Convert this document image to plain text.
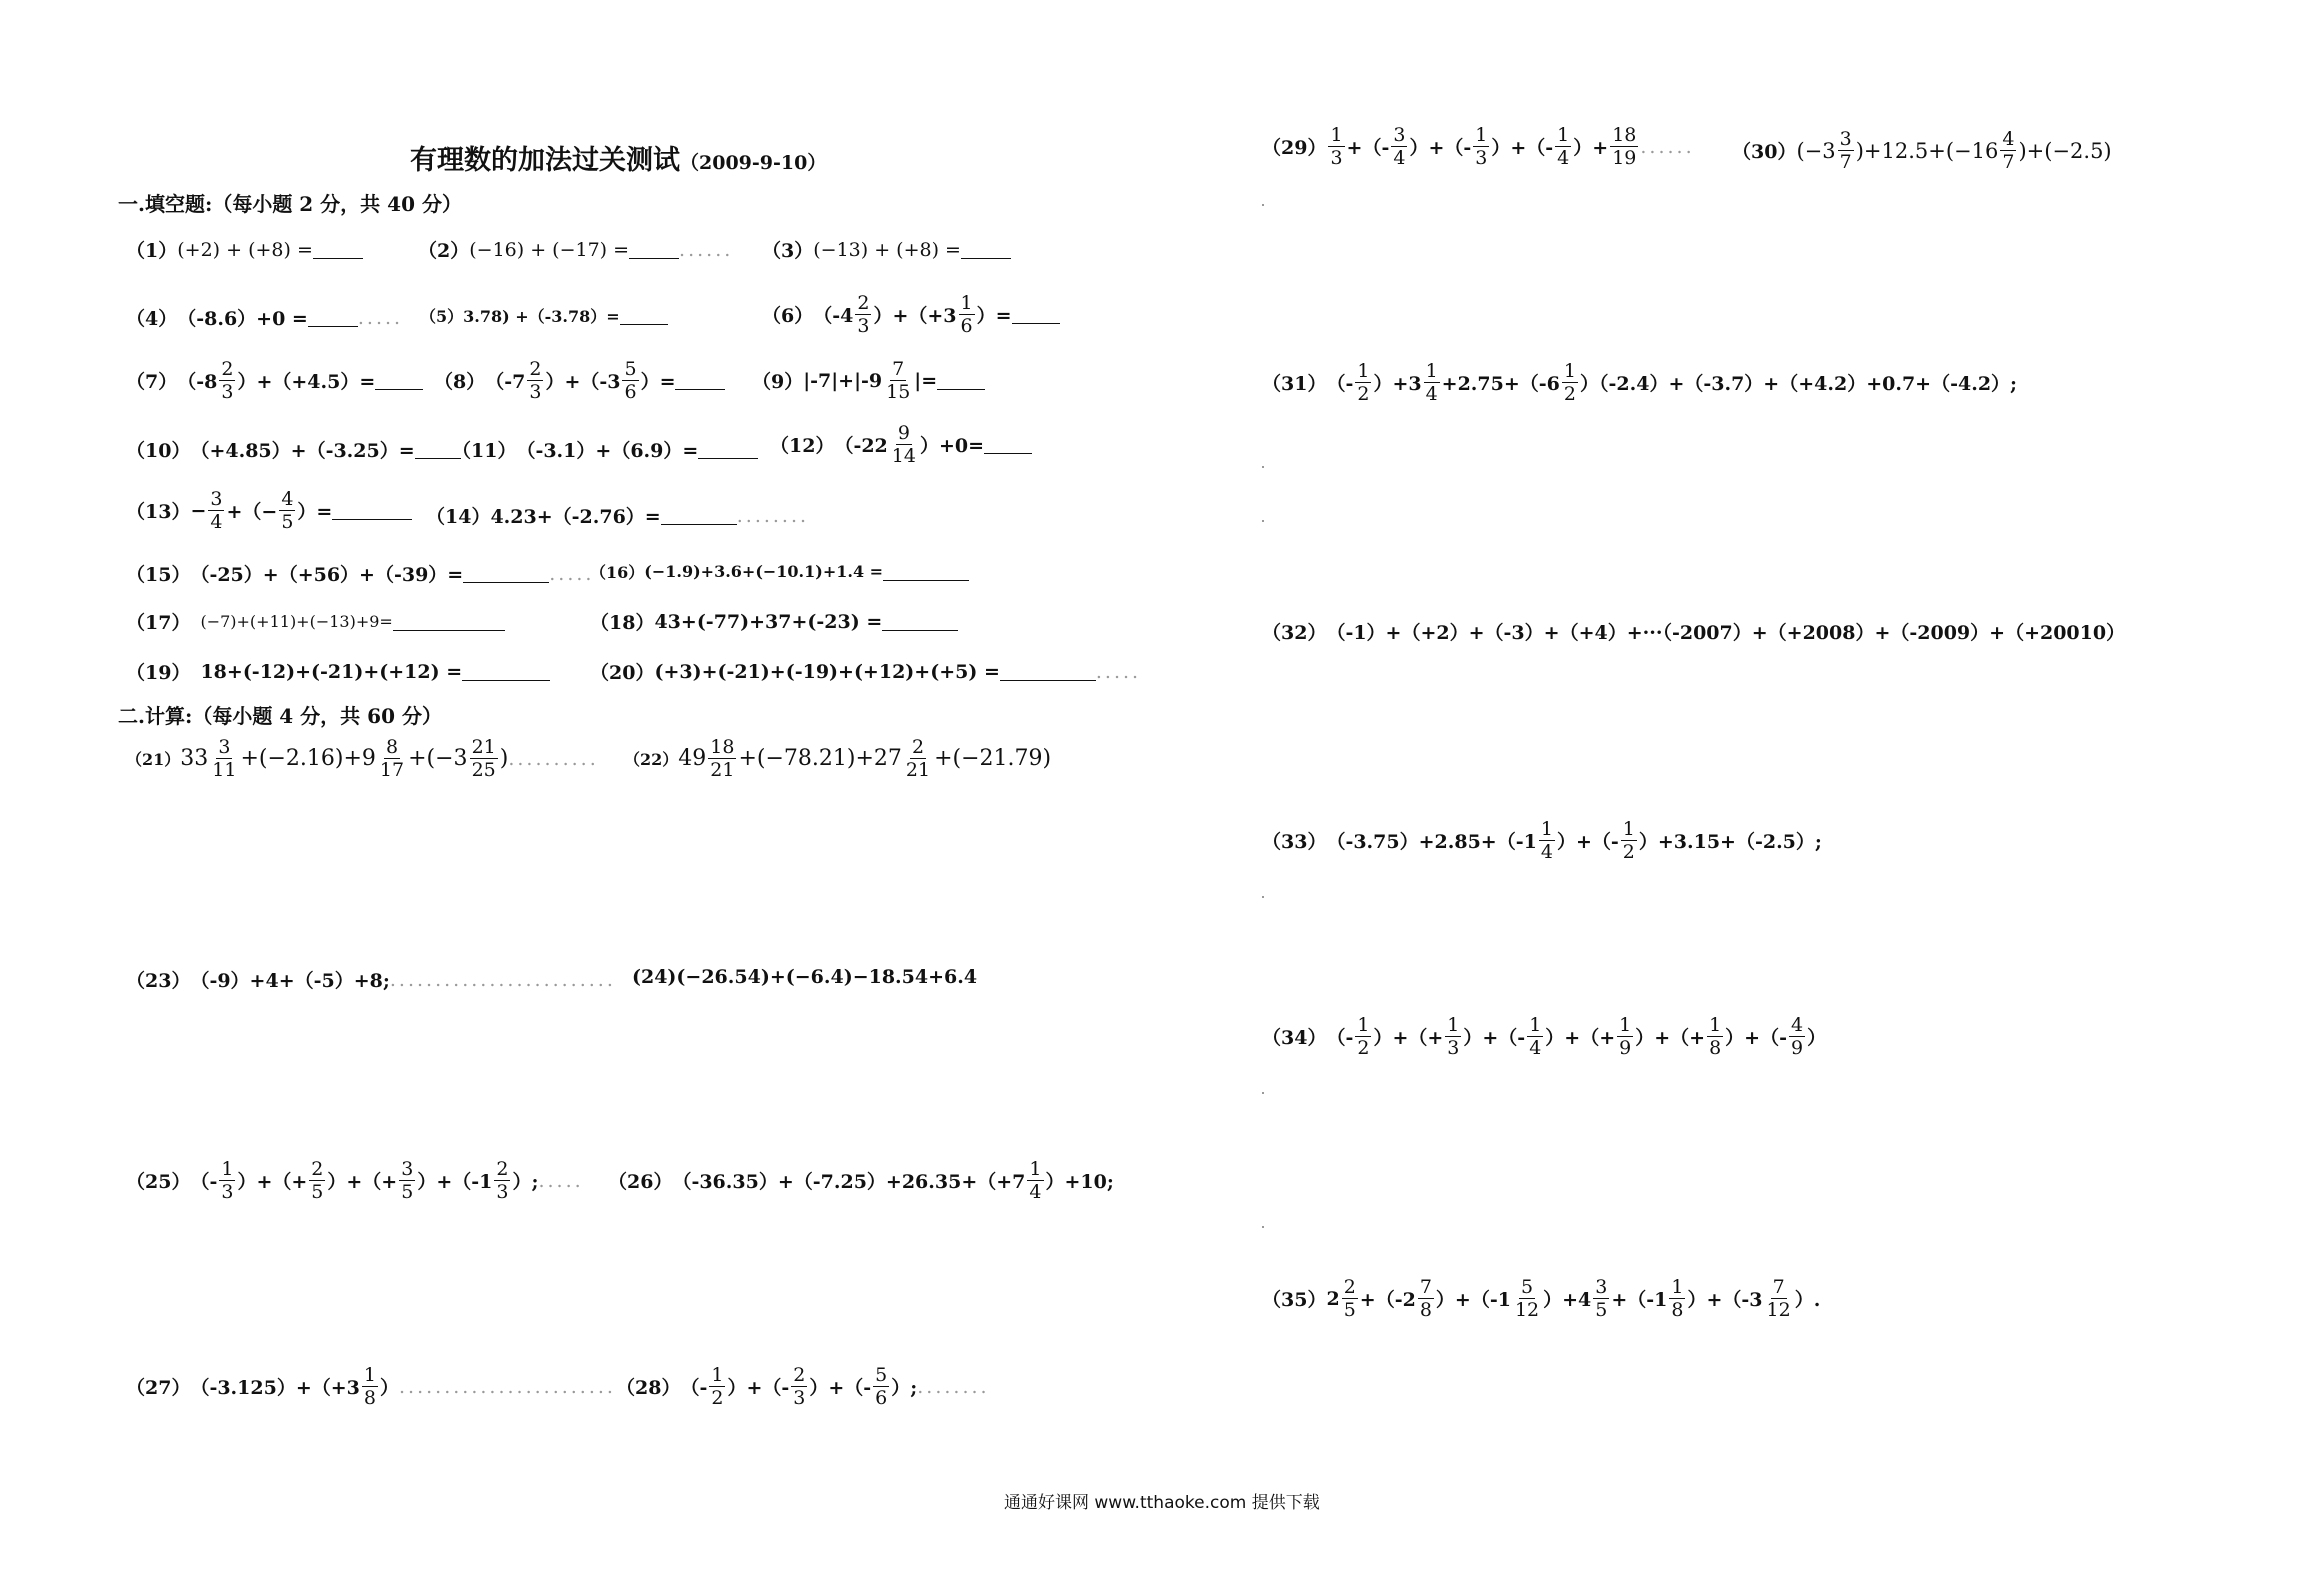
有理数的加法过关测试（2009-9-10）
一.填空题:（每小题 2 分，共 40 分）
（1） (+2) + (+8) =	（2） (−16) + (−17) =	...... （3） (−13) + (+8) =
（4） （-8.6）+0 =	..... （5） 3.78) +（-3.78）=	（6） $(-4 \frac{2}{3} )+(+3 \frac{1}{6}$ ）=
（7） $(-8 \frac{2}{3} )+(+4.5)=$	（8） $(-7 \frac{2}{3} )+(-3 \frac{5}{6}$ ）=	（9） $|-7|+|-9 \frac{7}{15}$ |=
（10） （+4.85）+（-3.25）= （11） （-3.1）+（6.9）=	（12） $(-22 \frac{9}{14} )+0=$
$(13) - \frac{3}{4}$ +（− $\frac{4}{5}$ ）=	（14） 4.23+（-2.76）=	........
（15） （-25）+（+56）+（-39）=	.....
（16） (−1.9)+3.6+(−10.1)+1.4 =
（17） (−7)+(+11)+(−13)+9=	（18） 43+(-77)+37+(-23) =
（19） 18+(-12)+(-21)+(+12) =	（20） (+3)+(-21)+(-19)+(+12)+(+5) =	.....
二.计算:（每小题 4 分，共 60 分）
（21） $33 \frac{3}{11} +(-2.16)+9 \frac{8}{17} +(-3 \frac{21}{25}$ ) .......... （22） $49 \frac{18}{21} +(-78.21)+27 \frac{2}{21} +(-21.79)$
（23） （-9）+4+（-5）+8; ......................... (24) (−26.54)+(−6.4)−18.54+6.4
（25） （- $\frac{1}{3}$ ）+（+ $\frac{2}{5}$ ）+（+ $\frac{3}{5} )+(-1 \frac{2}{3}$ ）; ..... （26） $(-36.35)+(-7.25)+26.35+(+7 \frac{1}{4} )+10$;
（27） $(-3.125)+(+3 \frac{1}{8}$ ） ........................ （28） （- $\frac{1}{2}$ ）+（- $\frac{2}{3}$ ）+（- $\frac{5}{6}$ ）; ........
$(29) \frac{1}{3}$ +（- $\frac{3}{4}$ ）+（- $\frac{1}{3}$ ）+（- $\frac{1}{4}$ ）+ $\frac{18}{19}$ ...... （30） $(-3 \frac{3}{7} )+12.5+(-16 \frac{4}{7} )+(-2.5)$
（31） （- $\frac{1}{2} )+3 \frac{1}{4} +2.75+(-6 \frac{1}{2} )(-2.4)+(-3.7)+(+4.2)+0.7+(-4.2)$;
（32） （-1）+（+2）+（-3）+（+4）+···（-2007）+（+2008）+（-2009）+（+20010）
（33） $(-3.75)+2.85+(-1 \frac{1}{4}$ ）+（- $\frac{1}{2} )+3.15+(-2.5)$;
（34） （- $\frac{1}{2}$ ）+（+ $\frac{1}{3}$ ）+（- $\frac{1}{4}$ ）+（+ $\frac{1}{9}$ ）+（+ $\frac{1}{8}$ ）+（- $\frac{4}{9}$ ）
（35） $2 \frac{2}{5} +(-2 \frac{7}{8} )+(-1 \frac{5}{12} )+4 \frac{3}{5} +(-1 \frac{1}{8} )+(-3 \frac{7}{12}$ ）.
通通好课网 www.tthaoke.com 提供下载
